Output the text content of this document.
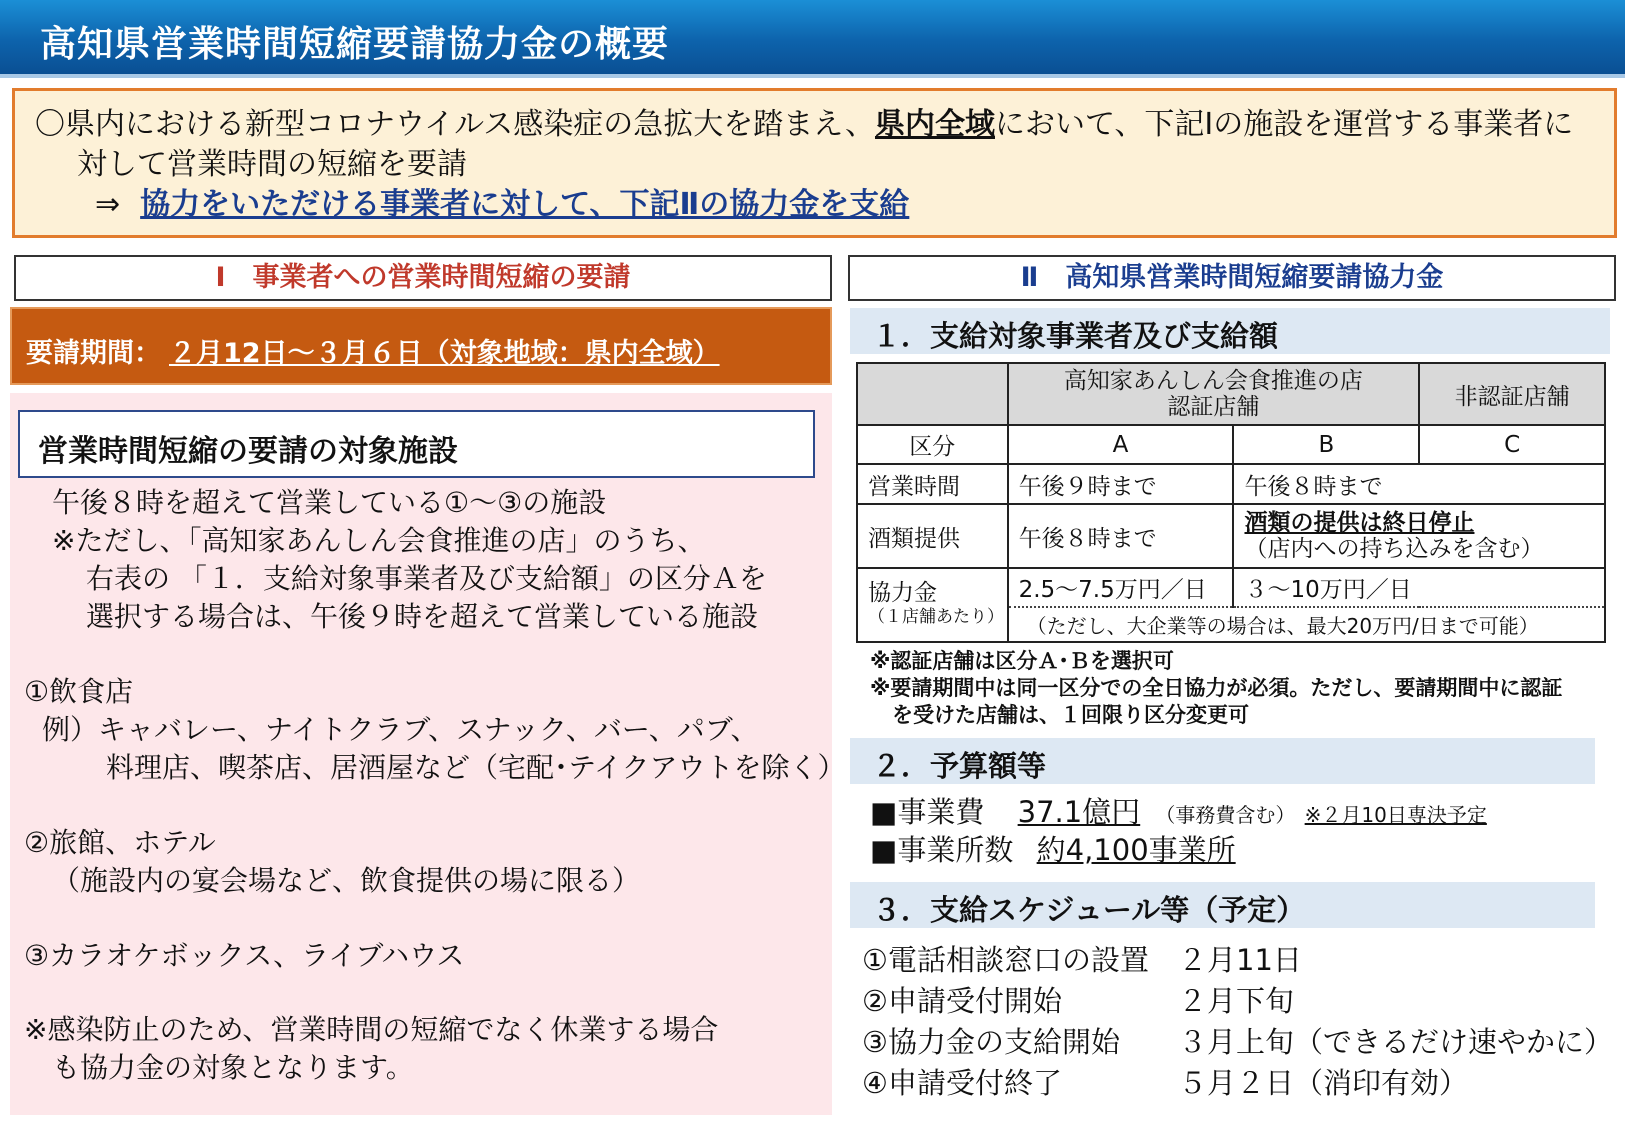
高知県営業時間短縮要請協力金の概要
〇県内における新型コロナウイルス感染症の急拡大を踏まえ、県内全域において、下記Ⅰの施設を運営する事業者に
対して営業時間の短縮を要請
⇒ 協力をいただける事業者に対して、下記Ⅱの協力金を支給
Ⅰ　事業者への営業時間短縮の要請
要請期間： ２月12日～３月６日（対象地域：県内全域）
営業時間短縮の要請の対象施設
午後８時を超えて営業している①～③の施設
※ただし、「高知家あんしん会食推進の店」のうち、
右表の 「１．支給対象事業者及び支給額」の区分Ａを
選択する場合は、午後９時を超えて営業している施設
①飲食店
例）キャバレー、ナイトクラブ、スナック、バー、パブ、
料理店、喫茶店、居酒屋など（宅配･テイクアウトを除く）
②旅館、ホテル
（施設内の宴会場など、飲食提供の場に限る）
③カラオケボックス、ライブハウス
※感染防止のため、営業時間の短縮でなく休業する場合
も協力金の対象となります。
Ⅱ　高知県営業時間短縮要請協力金
１．支給対象事業者及び支給額
	高知家あんしん会食推進の店
認証店舗		非認証店舗
区分	A	B	C
営業時間	午後９時まで	午後８時まで	
酒類提供	午後８時まで	酒類の提供は終日停止
（店内への持ち込みを含む）	

協力金
（１店舗あたり）	2.5～7.5万円／日	３～10万円／日	
	（ただし、大企業等の場合は、最大20万円/日まで可能）		
※認証店舗は区分Ａ･Ｂを選択可
※要請期間中は同一区分での全日協力が必須。ただし、要請期間中に認証
を受けた店舗は、１回限り区分変更可
２．予算額等
■事業費 37.1億円 （事務費含む） ※２月10日専決予定
■事業所数 約4,100事業所
３．支給スケジュール等（予定）
①電話相談窓口の設置 ２月11日
②申請受付開始	２月下旬
③協力金の支給開始 ３月上旬（できるだけ速やかに）
④申請受付終了	５月２日（消印有効）
